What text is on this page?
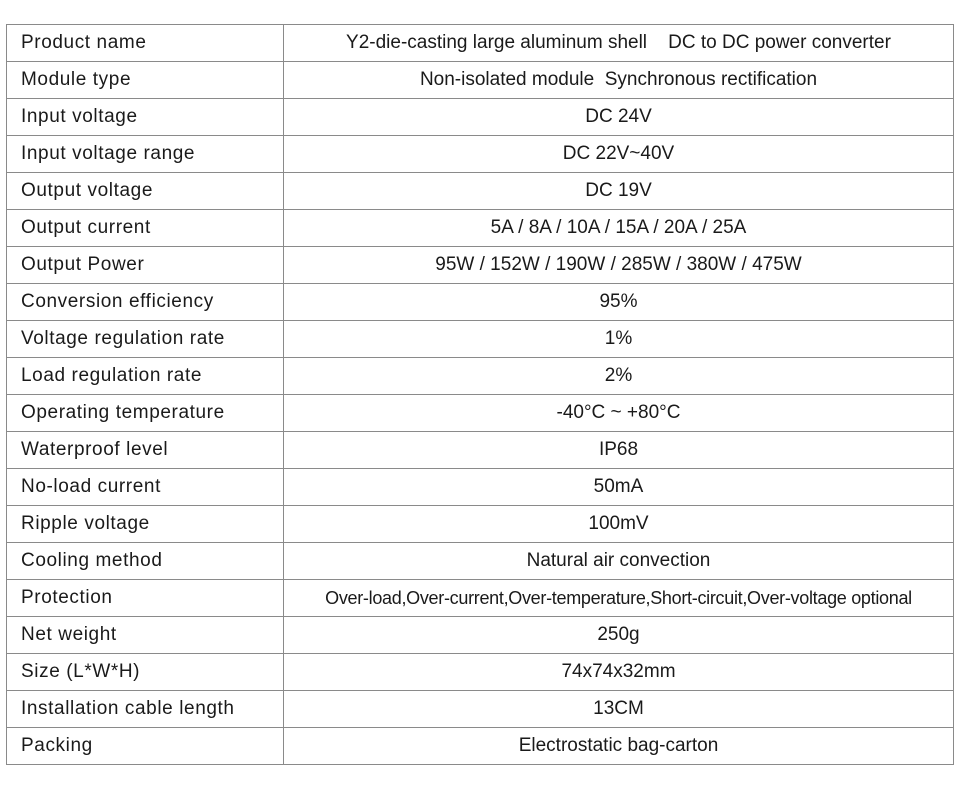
Product name	Y2-die-casting large aluminum shell    DC to DC power converter
Module type	Non-isolated module  Synchronous rectification
Input voltage	DC 24V
Input voltage range	DC 22V~40V
Output voltage	DC 19V
Output current	5A / 8A / 10A / 15A / 20A / 25A
Output Power	95W / 152W / 190W / 285W / 380W / 475W
Conversion efficiency	95%
Voltage regulation rate	1%
Load regulation rate	2%
Operating temperature	-40°C ~ +80°C
Waterproof level	IP68
No-load current	50mA
Ripple voltage	100mV
Cooling method	Natural air convection
Protection	Over-load,Over-current,Over-temperature,Short-circuit,Over-voltage optional
Net weight	250g
Size (L*W*H)	74x74x32mm
Installation cable length	13CM
Packing	Electrostatic bag-carton
